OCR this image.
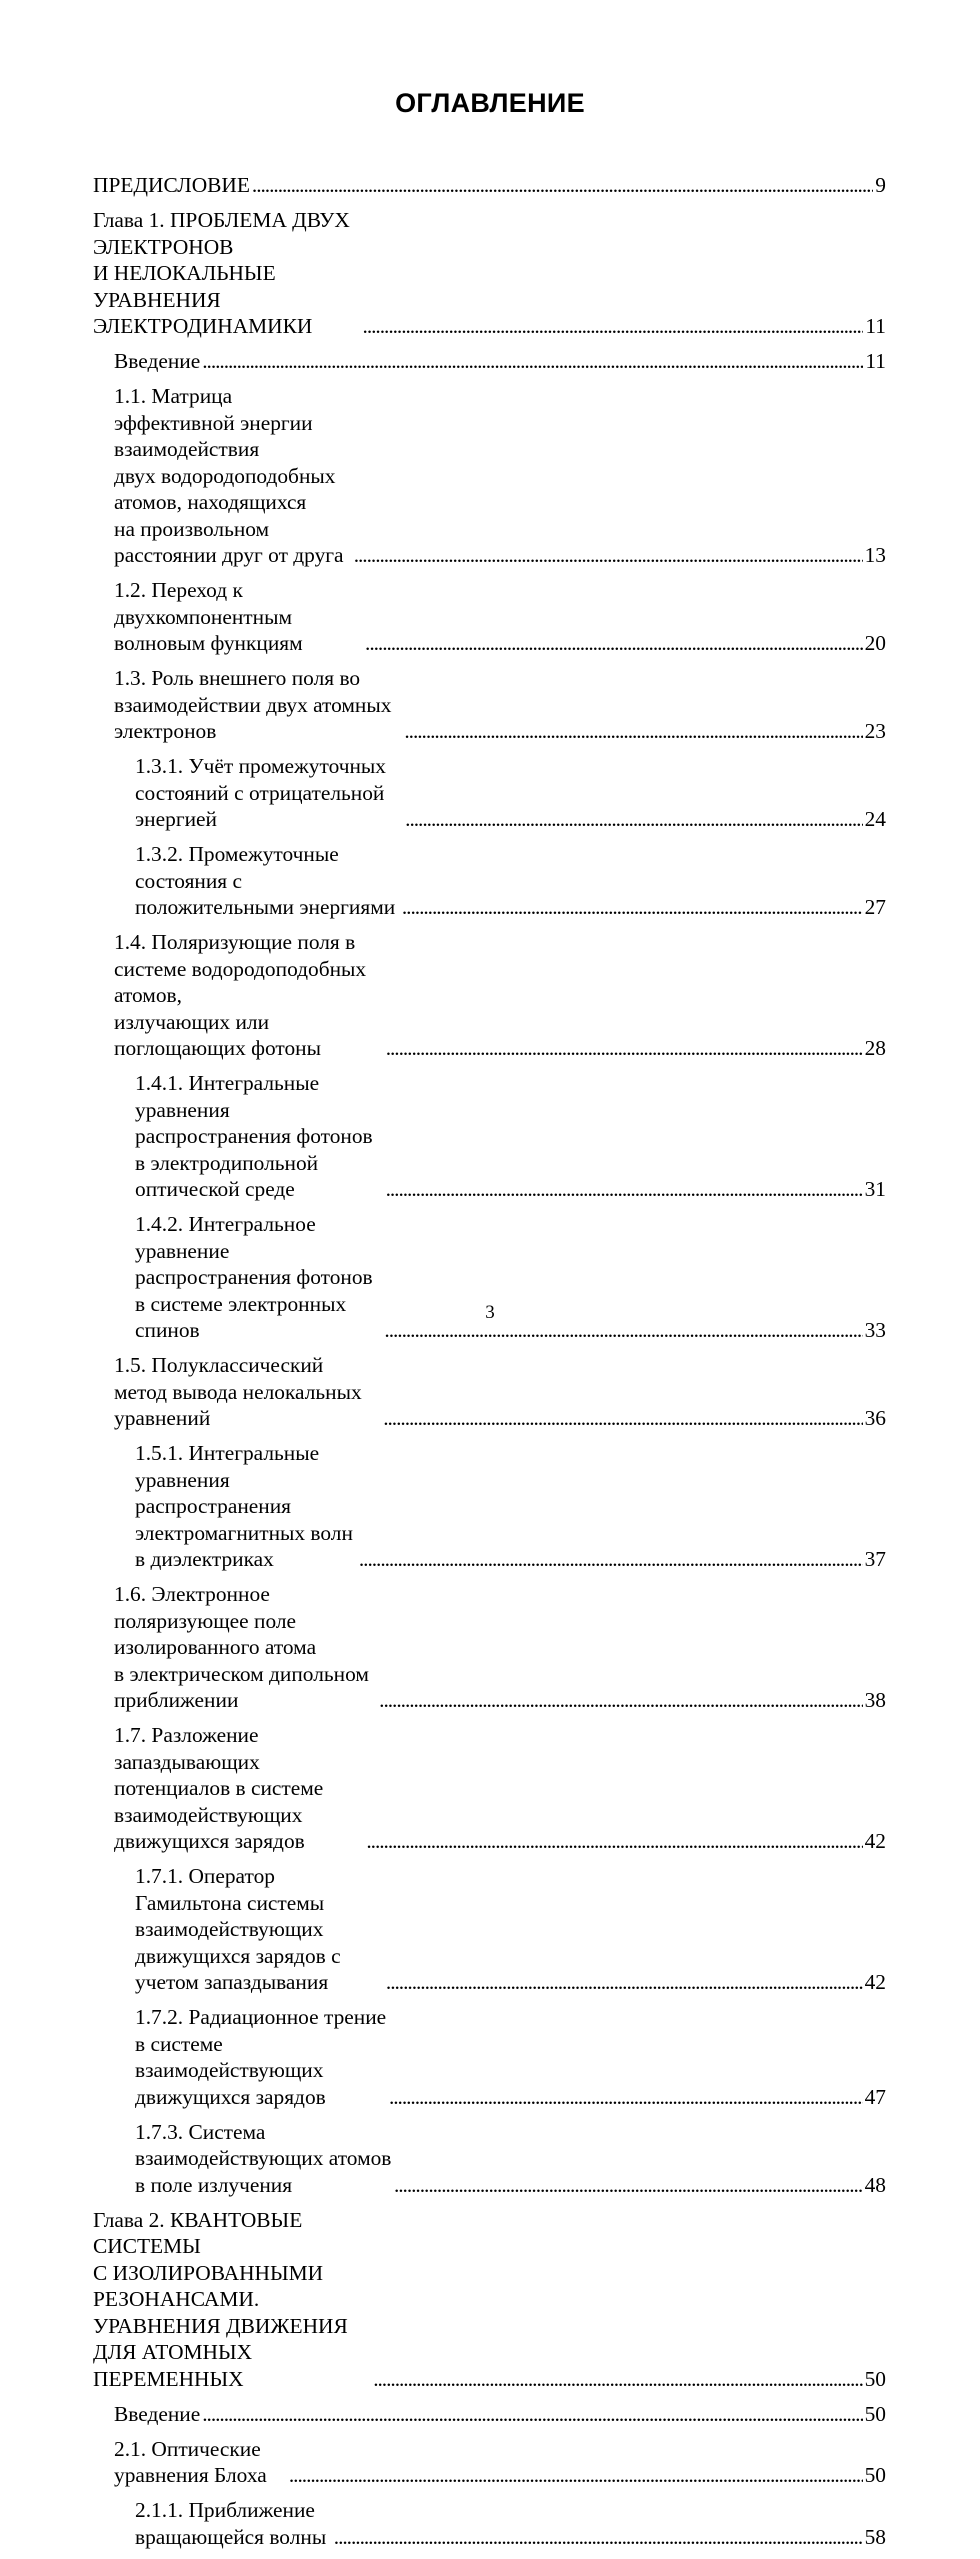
ОГЛАВЛЕНИЕ
ПРЕДИСЛОВИЕ . . .	9
Глава 1. ПРОБЛЕМА ДВУХ ЭЛЕКТРОНОВ
И НЕЛОКАЛЬНЫЕ УРАВНЕНИЯ ЭЛЕКТРОДИНАМИКИ . . .	11
Введение . . .	11
1.1. Матрица эффективной энергии взаимодействия
двух водородоподобных атомов, находящихся
на произвольном расстоянии друг от друга . . .	13
1.2. Переход к двухкомпонентным волновым функциям . . .	20
1.3. Роль внешнего поля во взаимодействии двух атомных электронов . . .	23
1.3.1. Учёт промежуточных состояний с отрицательной энергией . . .	24
1.3.2. Промежуточные состояния с положительными энергиями . . .	27
1.4. Поляризующие поля в системе водородоподобных атомов,
излучающих или поглощающих фотоны . . .	28
1.4.1. Интегральные уравнения распространения фотонов
в электродипольной оптической среде . . .	31
1.4.2. Интегральное уравнение распространения фотонов
в системе электронных спинов . . .	33
1.5. Полуклассический метод вывода нелокальных уравнений . . .	36
1.5.1. Интегральные уравнения распространения
электромагнитных волн в диэлектриках . . .	37
1.6. Электронное поляризующее поле изолированного атома
в электрическом дипольном приближении . . .	38
1.7. Разложение запаздывающих потенциалов в системе
взаимодействующих движущихся зарядов . . .	42
1.7.1. Оператор Гамильтона системы взаимодействующих
движущихся зарядов с учетом запаздывания . . .	42
1.7.2. Радиационное трение в системе взаимодействующих
движущихся зарядов . . .	47
1.7.3. Система взаимодействующих атомов в поле излучения . . .	48
Глава 2. КВАНТОВЫЕ СИСТЕМЫ
С ИЗОЛИРОВАННЫМИ РЕЗОНАНСАМИ.
УРАВНЕНИЯ ДВИЖЕНИЯ ДЛЯ АТОМНЫХ ПЕРЕМЕННЫХ . . .	50
Введение . . .	50
2.1. Оптические уравнения Блоха . . .	50
2.1.1. Приближение вращающейся волны . . .	58
3
